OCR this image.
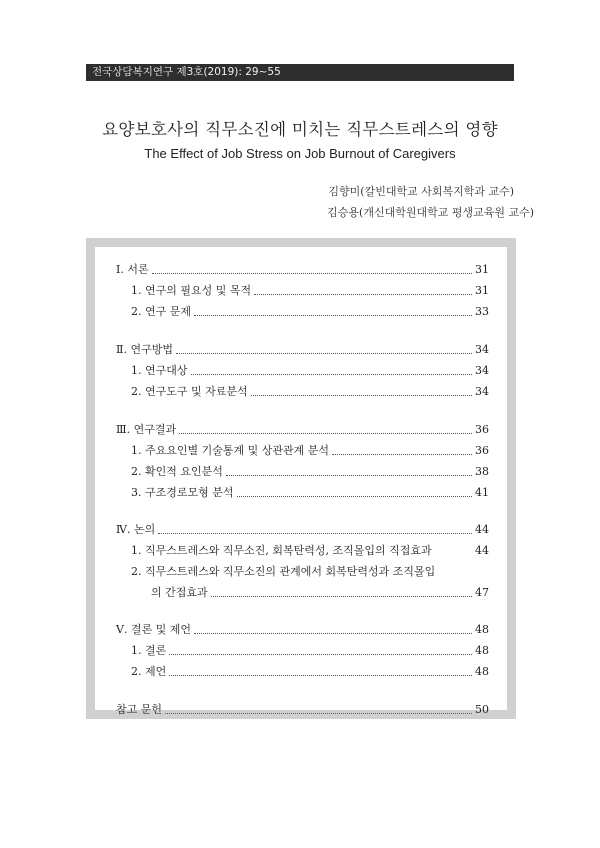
전국상담복지연구 제3호(2019): 29~55
요양보호사의 직무소진에 미치는 직무스트레스의 영향
The Effect of Job Stress on Job Burnout of Caregivers
김향미(칼빈대학교 사회복지학과 교수)
김승용(개신대학원대학교 평생교육원 교수)
Ⅰ. 서론	31
1. 연구의 필요성 및 목적	31
2. 연구 문제	33
Ⅱ. 연구방법	34
1. 연구대상	34
2. 연구도구 및 자료분석	34
Ⅲ. 연구결과	36
1. 주요요인별 기술통계 및 상관관계 분석	36
2. 확인적 요인분석	38
3. 구조경로모형 분석	41
Ⅳ. 논의	44
1. 직무스트레스와 직무소진, 회복탄력성, 조직몰입의 직접효과	44
2. 직무스트레스와 직무소진의 관계에서 회복탄력성과 조직몰입
의 간접효과	47
Ⅴ. 결론 및 제언	48
1. 결론	48
2. 제언	48
참고 문헌	50
